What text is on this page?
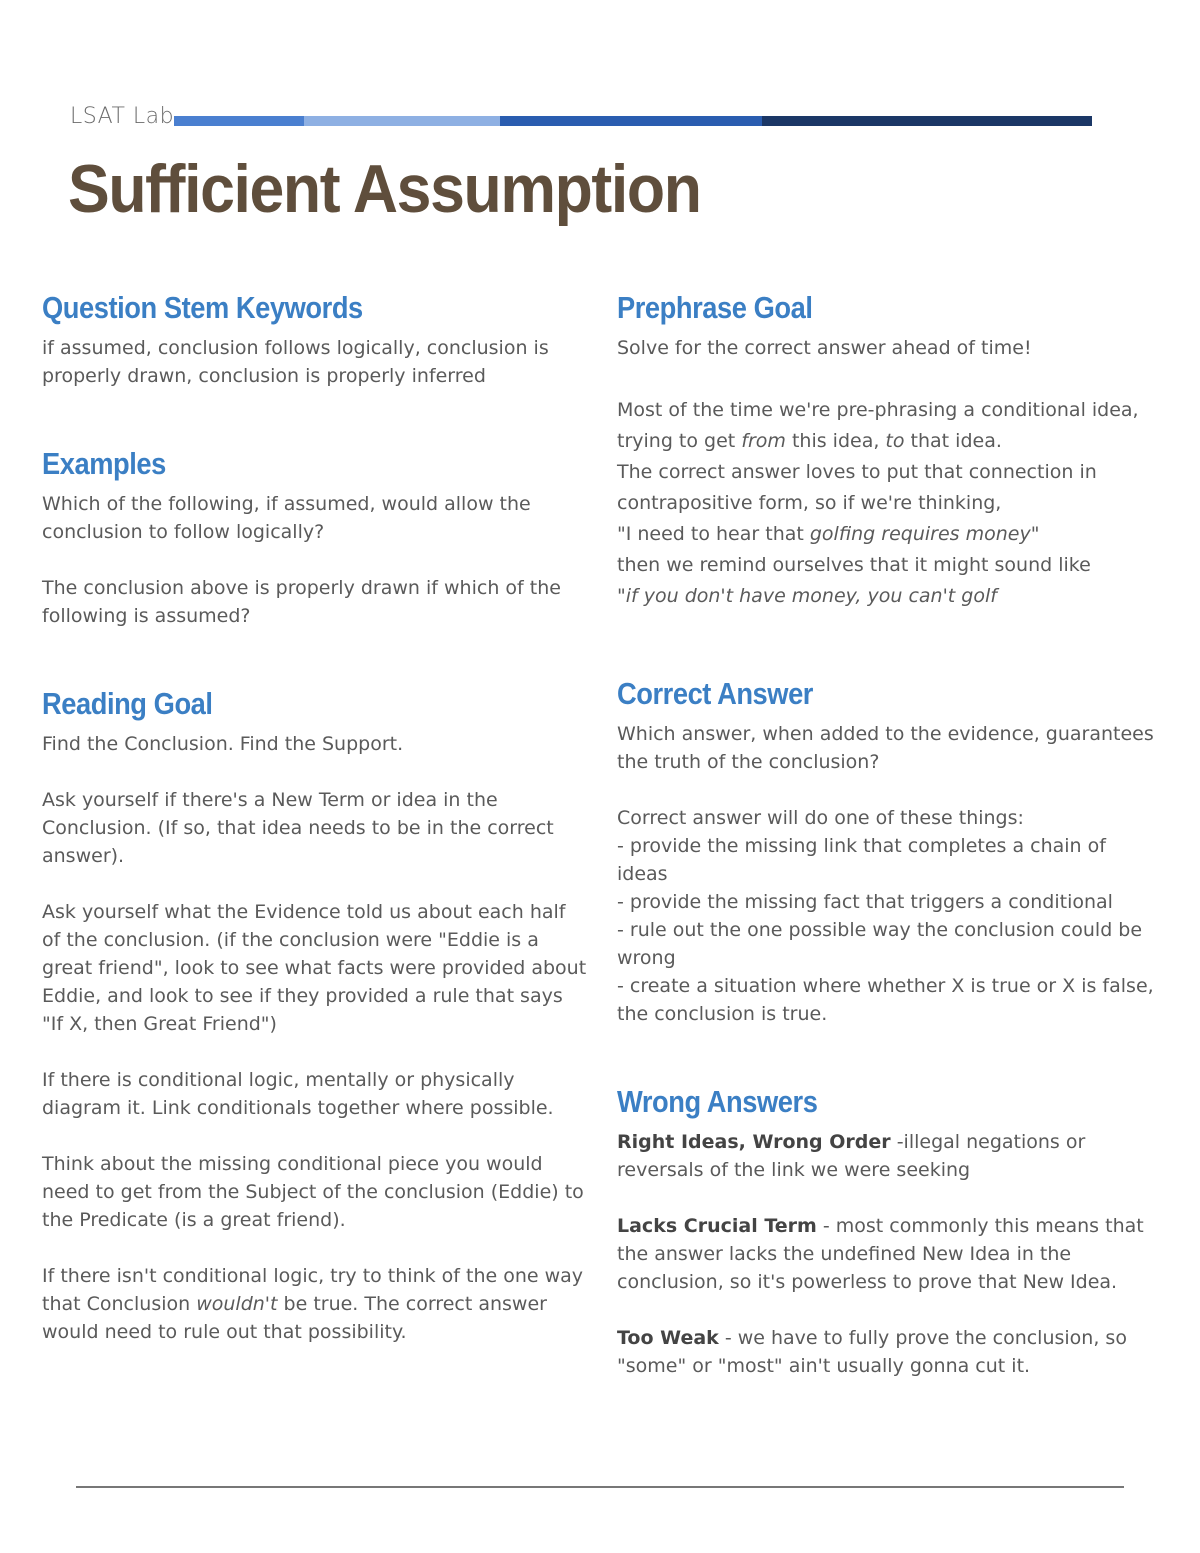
LSAT Lab
Sufficient Assumption
Question Stem Keywords

if assumed, conclusion follows logically, conclusion is properly drawn, conclusion is properly inferred

Examples

Which of the following, if assumed, would allow the conclusion to follow logically?

The conclusion above is properly drawn if which of the following is assumed?

Reading Goal

Find the Conclusion. Find the Support.

Ask yourself if there's a New Term or idea in the Conclusion. (If so, that idea needs to be in the correct answer).

Ask yourself what the Evidence told us about each half of the conclusion. (if the conclusion were "Eddie is a great friend", look to see what facts were provided about Eddie, and look to see if they provided a rule that says "If X, then Great Friend")

If there is conditional logic, mentally or physically diagram it. Link conditionals together where possible.

Think about the missing conditional piece you would need to get from the Subject of the conclusion (Eddie) to the Predicate (is a great friend).

If there isn't conditional logic, try to think of the one way that Conclusion wouldn't be true. The correct answer would need to rule out that possibility.

Prephrase Goal

Solve for the correct answer ahead of time!

Most of the time we're pre-phrasing a conditional idea,

trying to get from this idea, to that idea.

The correct answer loves to put that connection in

contrapositive form, so if we're thinking,

"I need to hear that golfing requires money"

then we remind ourselves that it might sound like

"if you don't have money, you can't golf

Correct Answer

Which answer, when added to the evidence, guarantees the truth of the conclusion?

Correct answer will do one of these things:

- provide the missing link that completes a chain of ideas

- provide the missing fact that triggers a conditional

- rule out the one possible way the conclusion could be wrong

- create a situation where whether X is true or X is false, the conclusion is true.

Wrong Answers

Right Ideas, Wrong Order -illegal negations or reversals of the link we were seeking

Lacks Crucial Term - most commonly this means that the answer lacks the undefined New Idea in the conclusion, so it's powerless to prove that New Idea.

Too Weak - we have to fully prove the conclusion, so "some" or "most" ain't usually gonna cut it.
